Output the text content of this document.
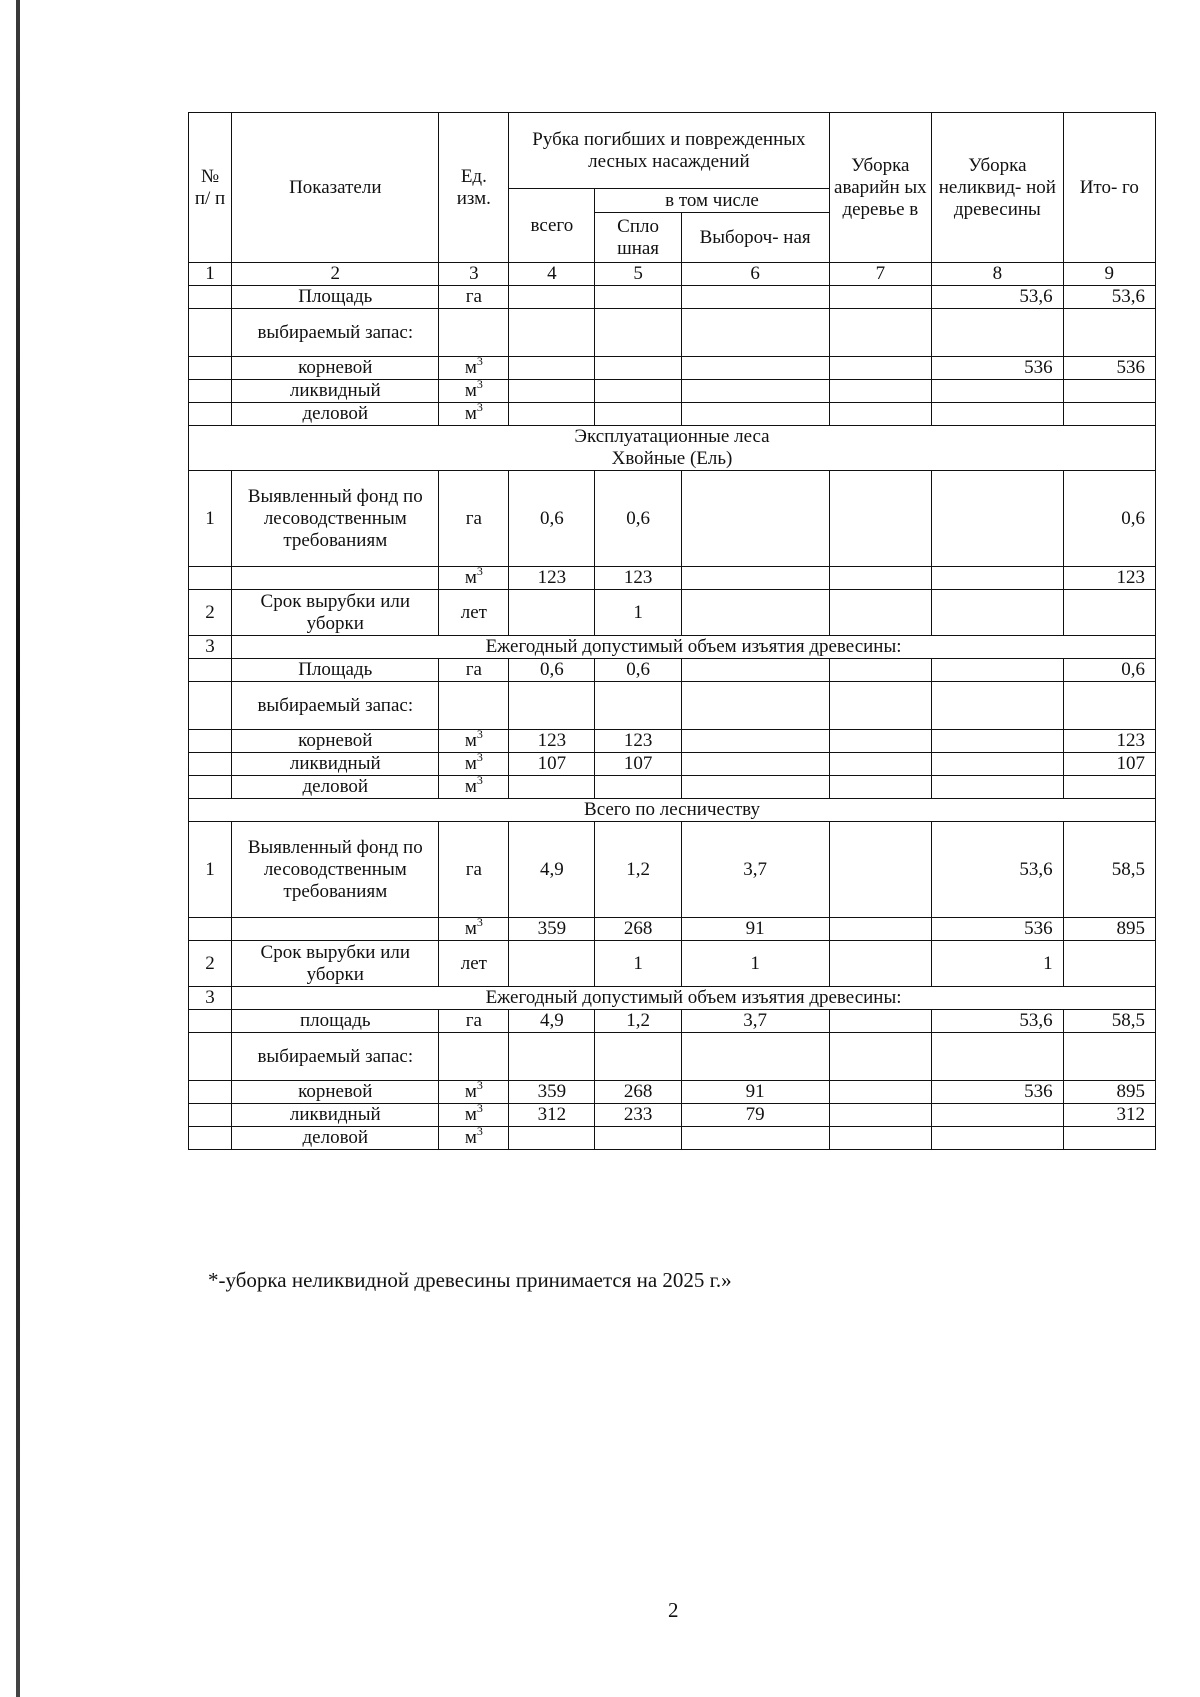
№ п/ п	Показатели	Ед. изм.	Рубка погибших и поврежденных лесных насаждений			Уборка аварийн ых деревье в	Уборка неликвид- ной древесины	Ито- го
			всего	в том числе				
				Спло шная	Выбороч- ная			
1	2	3	4	5	6	7	8	9
	Площадь	га					53,6	53,6
	выбираемый запас:							
	корневой	$м^3$					536	536
	ликвидный	$м^3$						
	деловой	$м^3$						

Эксплуатационные леса
Хвойные (Ель)								

1	Выявленный фонд по лесоводственным требованиям	га	0,6	0,6				0,6
		$м^3$	123	123				123
2	Срок вырубки или уборки	лет		1				
3	Ежегодный допустимый объем изъятия древесины:							
	Площадь	га	0,6	0,6				0,6
	выбираемый запас:							
	корневой	$м^3$	123	123				123
	ликвидный	$м^3$	107	107				107
	деловой	$м^3$						
Всего по лесничеству								
1	Выявленный фонд по лесоводственным требованиям	га	4,9	1,2	3,7		53,6	58,5
		$м^3$	359	268	91		536	895
2	Срок вырубки или уборки	лет		1	1		1	
3	Ежегодный допустимый объем изъятия древесины:							
	площадь	га	4,9	1,2	3,7		53,6	58,5
	выбираемый запас:							
	корневой	$м^3$	359	268	91		536	895
	ликвидный	$м^3$	312	233	79			312
	деловой	$м^3$						
*-уборка неликвидной древесины принимается на 2025 г.»
2
